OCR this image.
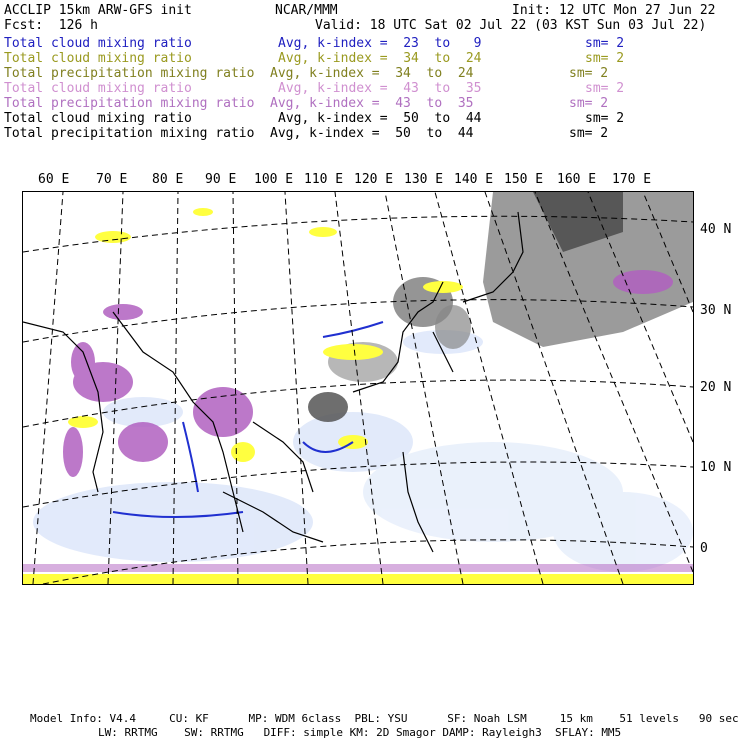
ACCLIP 15km ARW-GFS init	NCAR/MMM	Init: 12 UTC Mon 27 Jun 22
Fcst:  126 h	Valid: 18 UTC Sat 02 Jul 22 (03 KST Sun 03 Jul 22)
Total cloud mixing ratio	Avg, k-index =  23  to   9	sm= 2
Total cloud mixing ratio	Avg, k-index =  34  to  24	sm= 2
Total precipitation mixing ratio Avg, k-index =  34  to  24	sm= 2
Total cloud mixing ratio	Avg, k-index =  43  to  35	sm= 2
Total precipitation mixing ratio Avg, k-index =  43  to  35	sm= 2
Total cloud mixing ratio	Avg, k-index =  50  to  44	sm= 2
Total precipitation mixing ratio Avg, k-index =  50  to  44	sm= 2
60 E 70 E 80 E 90 E 100 E 110 E 120 E 130 E 140 E 150 E 160 E 170 E
40 N
30 N
20 N
10 N
0
Model Info: V4.4     CU: KF      MP: WDM 6class  PBL: YSU      SF: Noah LSM     15 km    51 levels   90 sec
LW: RRTMG    SW: RRTMG   DIFF: simple KM: 2D Smagor DAMP: Rayleigh3  SFLAY: MM5
